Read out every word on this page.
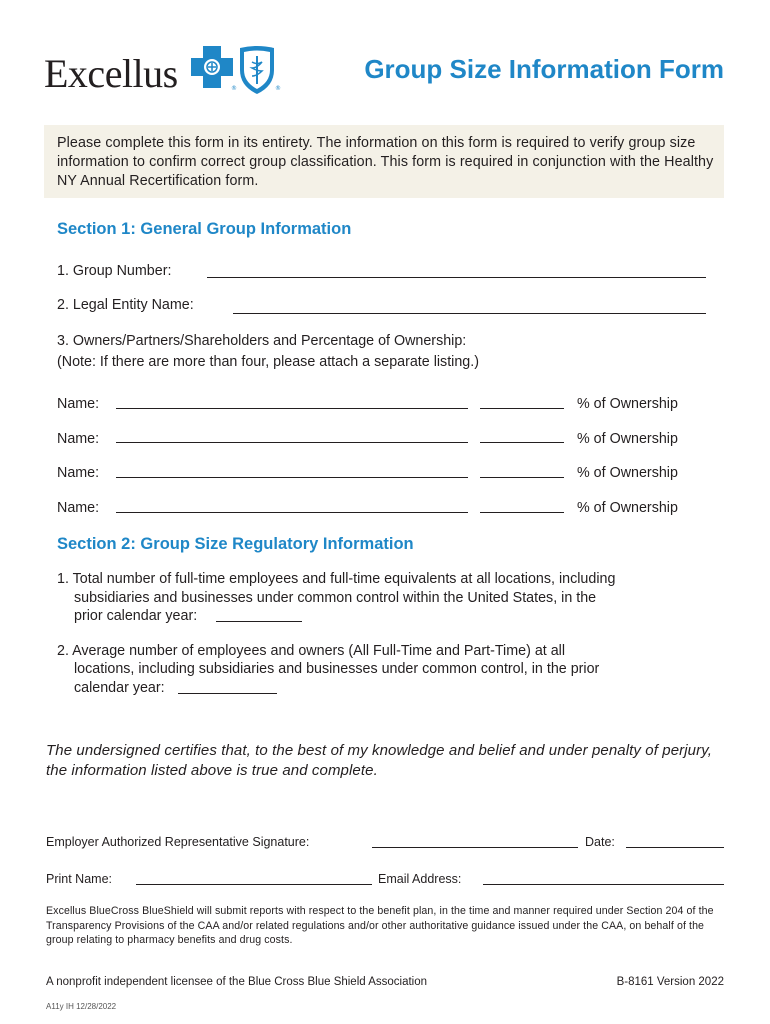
Excellus	®	®
Group Size Information Form
Please complete this form in its entirety. The information on this form is required to verify group size information to confirm correct group classification. This form is required in conjunction with the Healthy NY Annual Recertification form.
Section 1: General Group Information
1. Group Number:
2. Legal Entity Name:
3. Owners/Partners/Shareholders and Percentage of Ownership:
(Note: If there are more than four, please attach a separate listing.)
Name:	% of Ownership
Name:	% of Ownership
Name:	% of Ownership
Name:	% of Ownership
Section 2: Group Size Regulatory Information
1. Total number of full-time employees and full-time equivalents at all locations, including
subsidiaries and businesses under common control within the United States, in the
prior calendar year:
2. Average number of employees and owners (All Full-Time and Part-Time) at all
locations, including subsidiaries and businesses under common control, in the prior
calendar year:
The undersigned certifies that, to the best of my knowledge and belief and under penalty of perjury, the information listed above is true and complete.
Employer Authorized Representative Signature:	Date:
Print Name:	Email Address:
Excellus BlueCross BlueShield will submit reports with respect to the benefit plan, in the time and manner required under Section 204 of the Transparency Provisions of the CAA and/or related regulations and/or other authoritative guidance issued under the CAA, on behalf of the group relating to pharmacy benefits and drug costs.
A nonprofit independent licensee of the Blue Cross Blue Shield Association	B-8161 Version 2022
A11y IH 12/28/2022
